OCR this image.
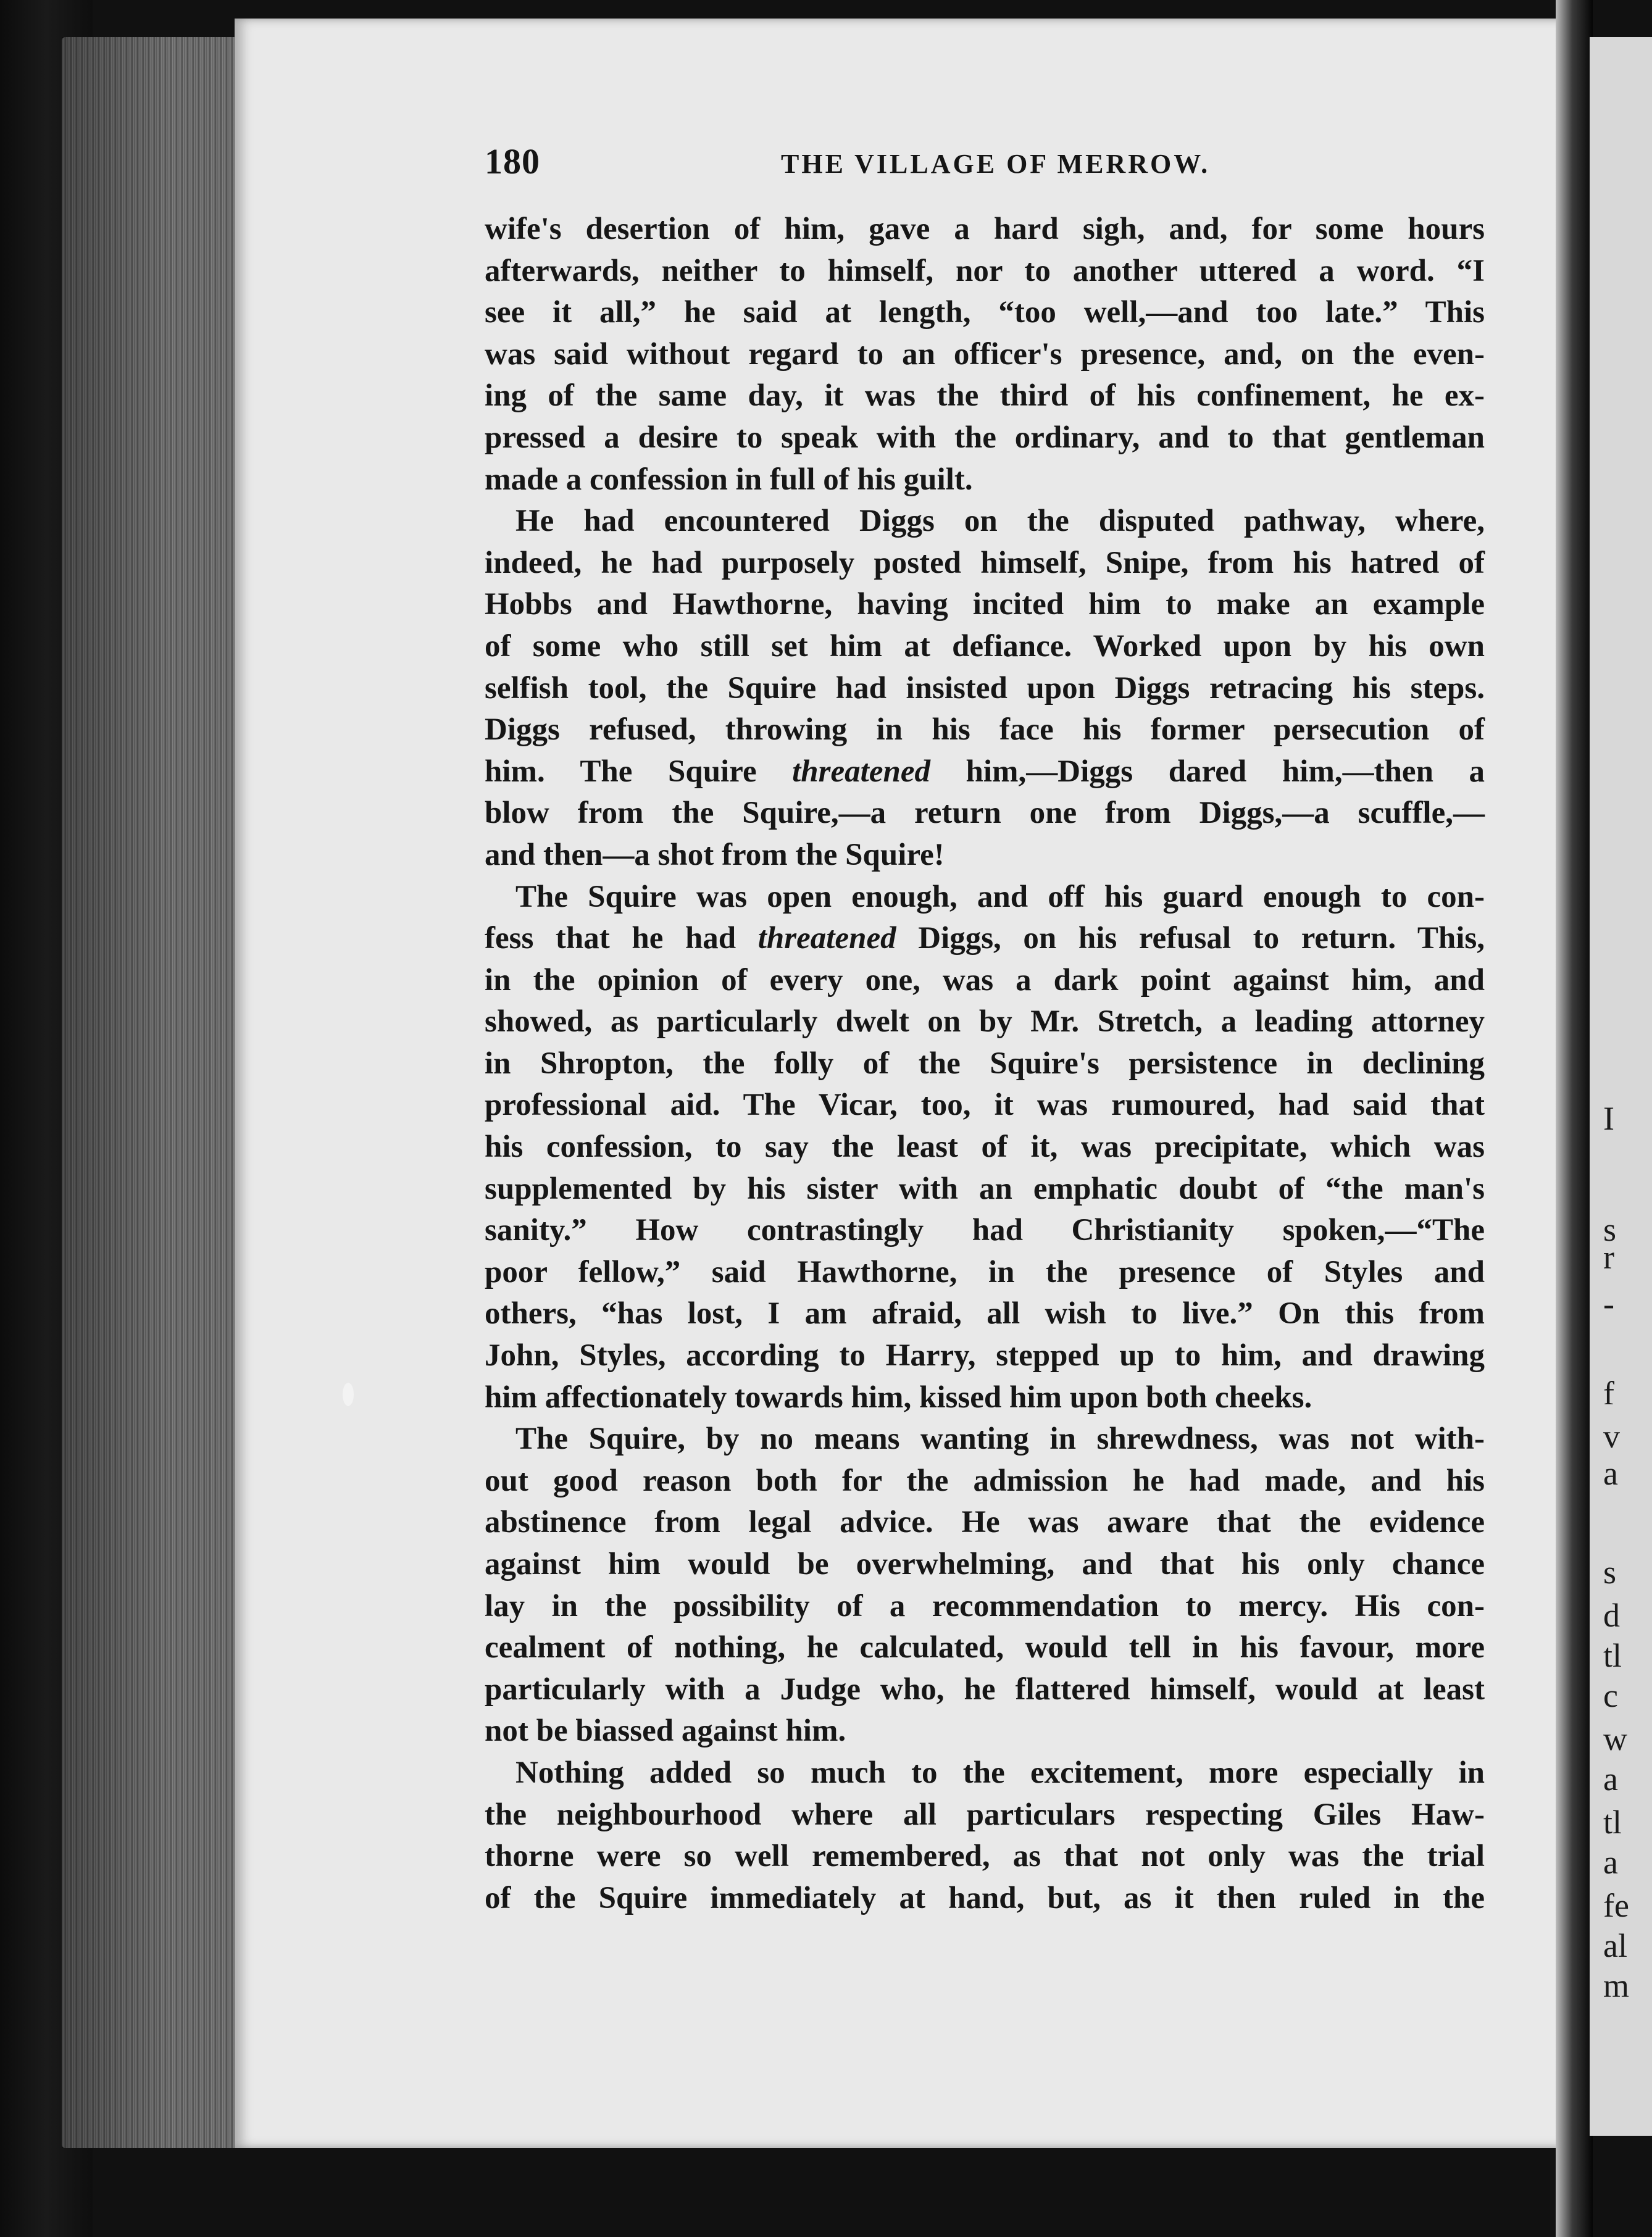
180	THE VILLAGE OF MERROW.

wife's desertion of him, gave a hard sigh, and, for some hours

afterwards, neither to himself, nor to another uttered a word. “I

see it all,” he said at length, “too well,—and too late.” This

was said without regard to an officer's presence, and, on the even-

ing of the same day, it was the third of his confinement, he ex-

pressed a desire to speak with the ordinary, and to that gentleman

made a confession in full of his guilt.

He had encountered Diggs on the disputed pathway, where,

indeed, he had purposely posted himself, Snipe, from his hatred of

Hobbs and Hawthorne, having incited him to make an example

of some who still set him at defiance. Worked upon by his own

selfish tool, the Squire had insisted upon Diggs retracing his steps.

Diggs refused, throwing in his face his former persecution of

him. The Squire threatened him,—Diggs dared him,—then a

blow from the Squire,—a return one from Diggs,—a scuffle,—

and then—a shot from the Squire!

The Squire was open enough, and off his guard enough to con-

fess that he had threatened Diggs, on his refusal to return. This,

in the opinion of every one, was a dark point against him, and

showed, as particularly dwelt on by Mr. Stretch, a leading attorney

in Shropton, the folly of the Squire's persistence in declining

professional aid. The Vicar, too, it was rumoured, had said that

his confession, to say the least of it, was precipitate, which was

supplemented by his sister with an emphatic doubt of “the man's

sanity.” How contrastingly had Christianity spoken,—“The

poor fellow,” said Hawthorne, in the presence of Styles and

others, “has lost, I am afraid, all wish to live.” On this from

John, Styles, according to Harry, stepped up to him, and drawing

him affectionately towards him, kissed him upon both cheeks.

The Squire, by no means wanting in shrewdness, was not with-

out good reason both for the admission he had made, and his

abstinence from legal advice. He was aware that the evidence

against him would be overwhelming, and that his only chance

lay in the possibility of a recommendation to mercy. His con-

cealment of nothing, he calculated, would tell in his favour, more

particularly with a Judge who, he flattered himself, would at least

not be biassed against him.

Nothing added so much to the excitement, more especially in

the neighbourhood where all particulars respecting Giles Haw-

thorne were so well remembered, as that not only was the trial

of the Squire immediately at hand, but, as it then ruled in the

I
s
r
-
f
v
a
s
d
tl
c
w
a
tl
a
fe
al
m
